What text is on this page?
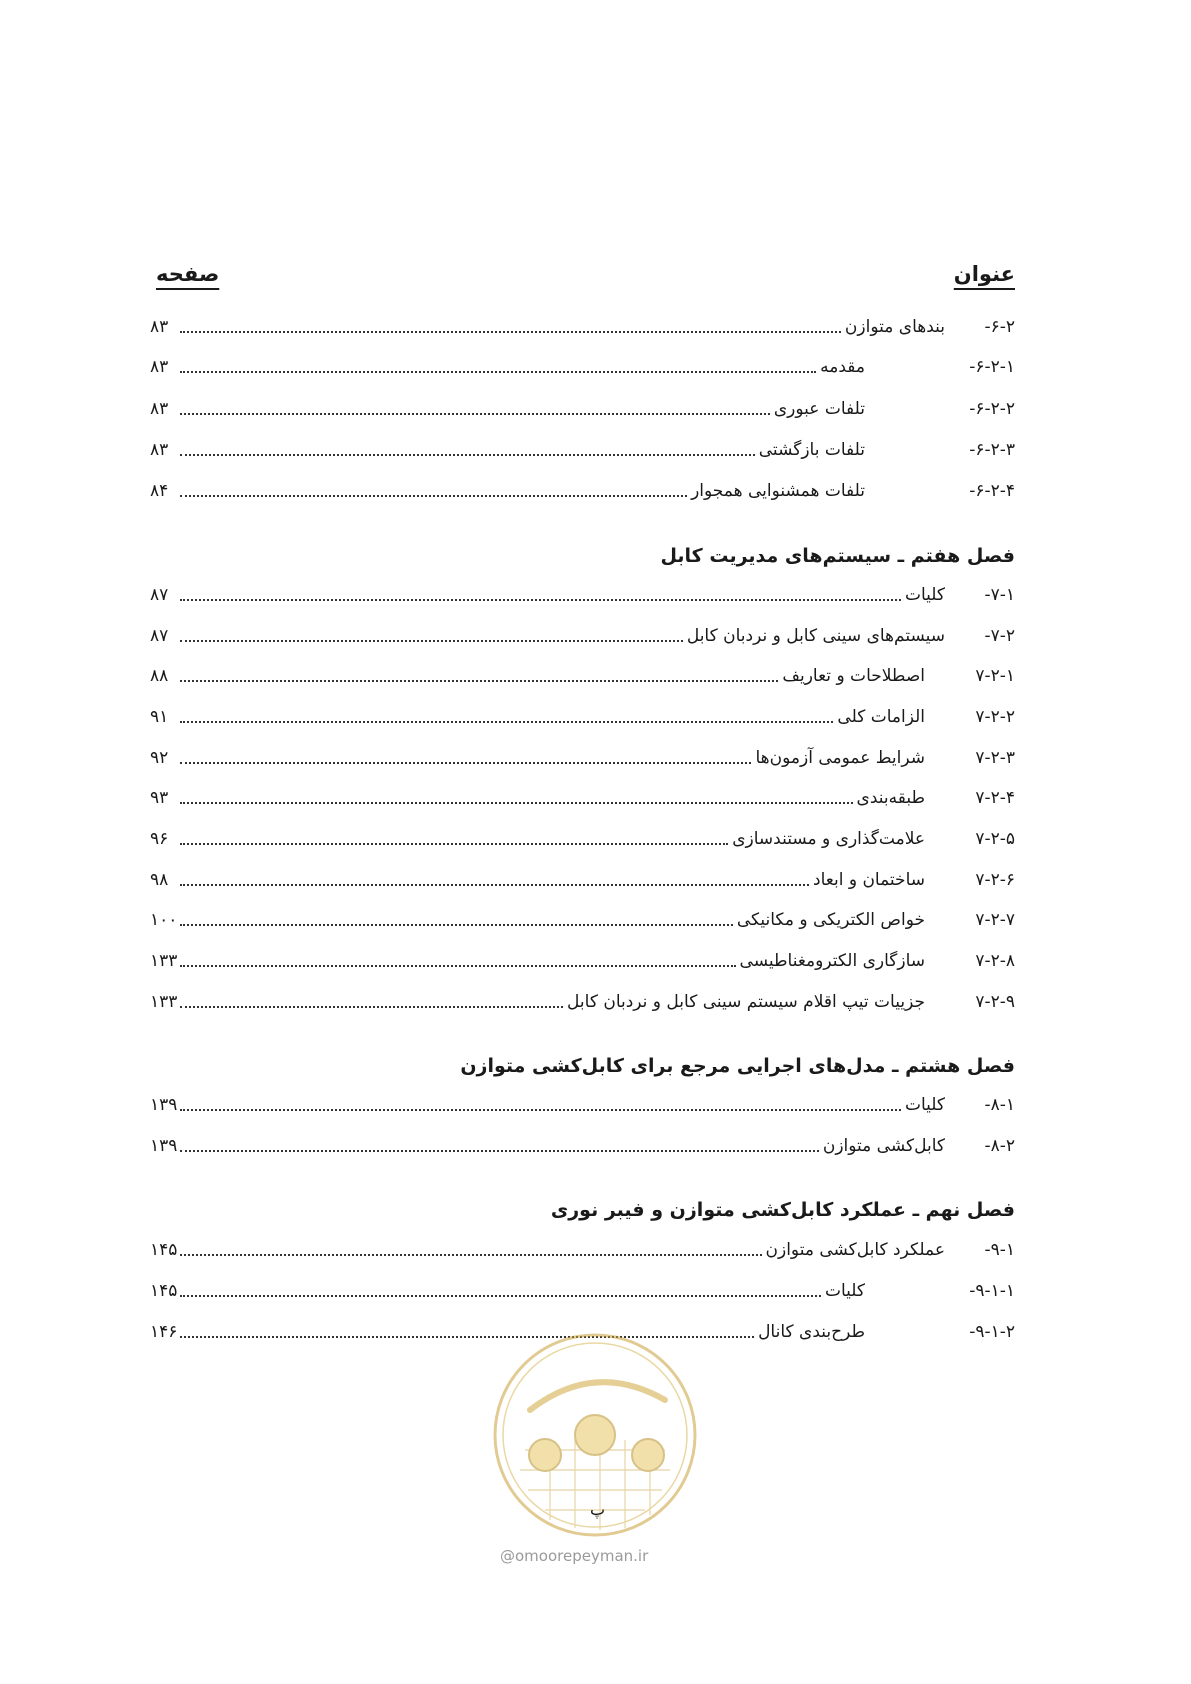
عنوان
صفحه
۶-۲-
بندهای متوازن
۸۳
۶-۲-۱-
مقدمه
۸۳
۶-۲-۲-
تلفات عبوری
۸۳
۶-۲-۳-
تلفات بازگشتی
۸۳
۶-۲-۴-
تلفات همشنوایی همجوار
۸۴
فصل هفتم ـ سیستم‌های مدیریت کابل
۷-۱-
کلیات
۸۷
۷-۲-
سیستم‌های سینی کابل و نردبان کابل
۸۷
۷-۲-۱
اصطلاحات و تعاریف
۸۸
۷-۲-۲
الزامات کلی
۹۱
۷-۲-۳
شرایط عمومی آزمون‌ها
۹۲
۷-۲-۴
طبقه‌بندی
۹۳
۷-۲-۵
علامت‌گذاری و مستندسازی
۹۶
۷-۲-۶
ساختمان و ابعاد
۹۸
۷-۲-۷
خواص الکتریکی و مکانیکی
۱۰۰
۷-۲-۸
سازگاری الکترومغناطیسی
۱۳۳
۷-۲-۹
جزییات تیپ اقلام سیستم سینی کابل و نردبان کابل
۱۳۳
فصل هشتم ـ مدل‌های اجرایی مرجع برای کابل‌کشی متوازن
۸-۱-
کلیات
۱۳۹
۸-۲-
کابل‌کشی متوازن
۱۳۹
فصل نهم ـ عملکرد کابل‌کشی متوازن و فیبر نوری
۹-۱-
عملکرد کابل‌کشی متوازن
۱۴۵
۹-۱-۱-
کلیات
۱۴۵
۹-۱-۲-
طرح‌بندی کانال
۱۴۶
پ
@omoorepeyman.ir
